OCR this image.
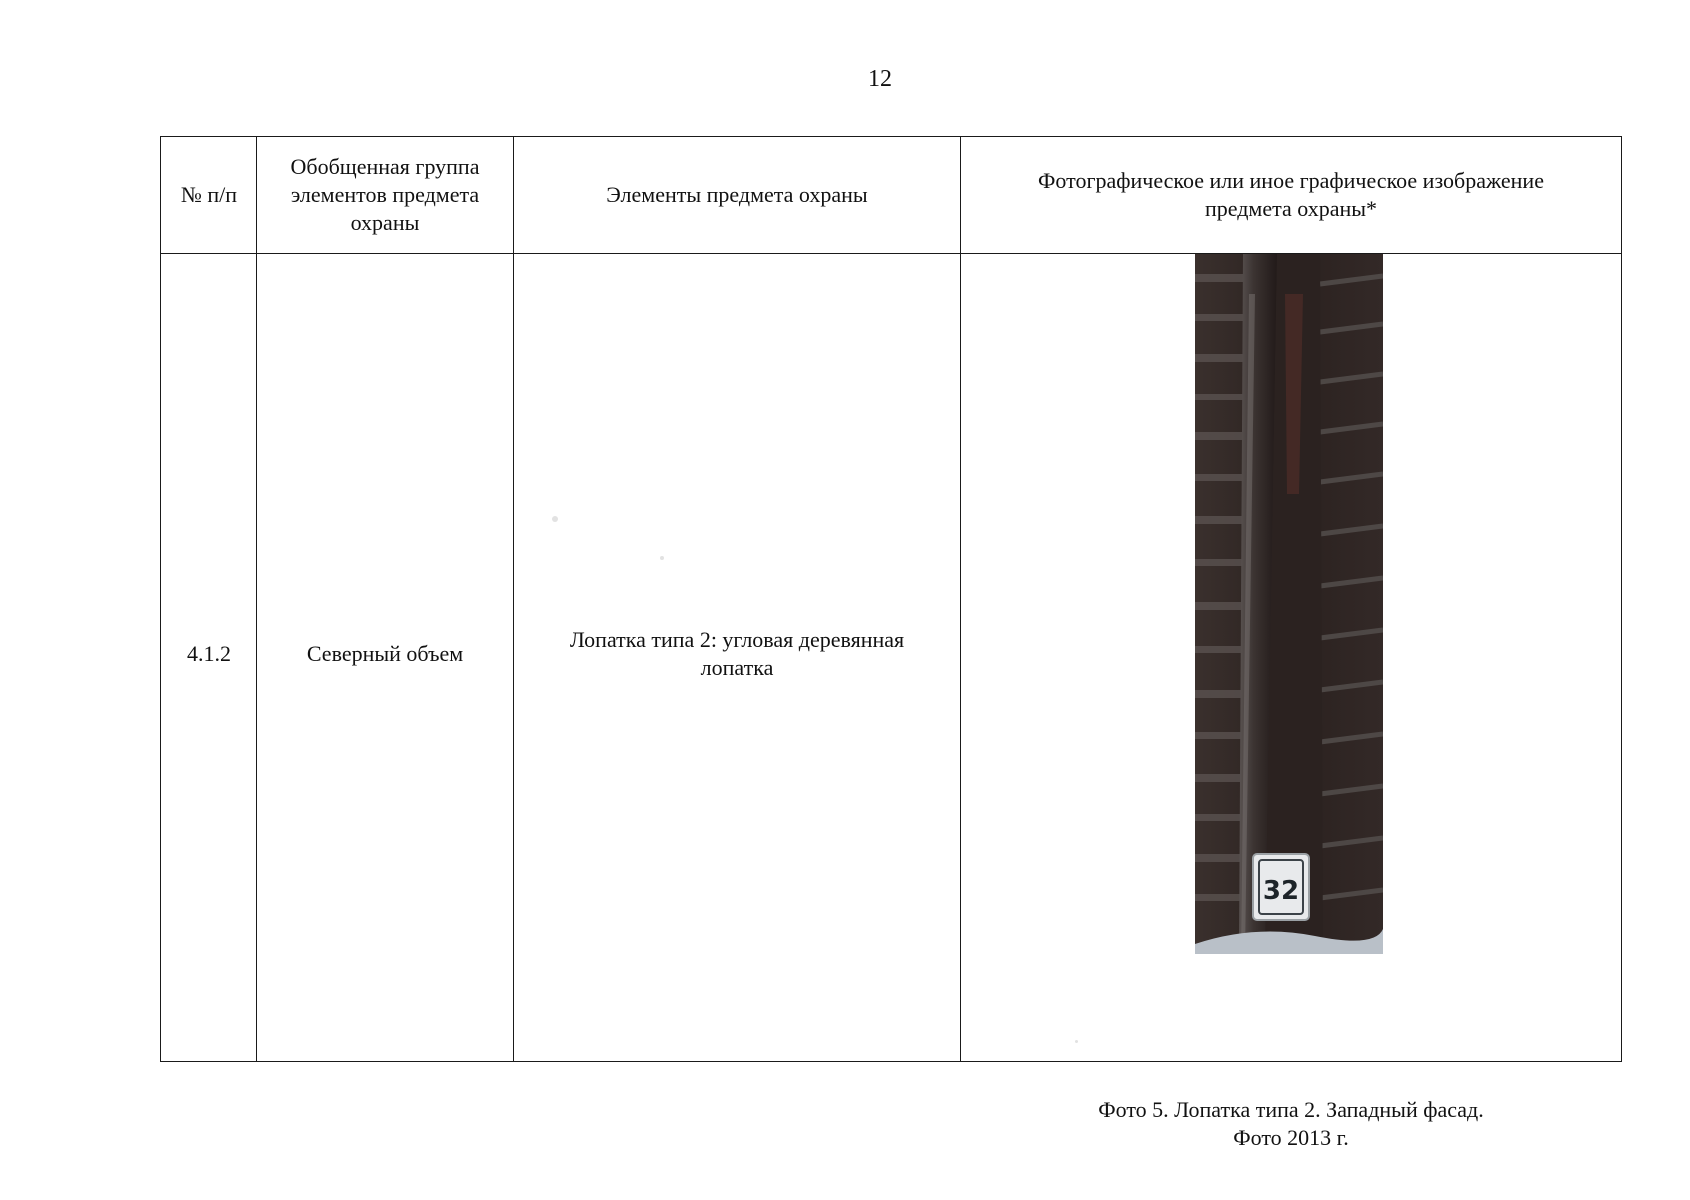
12
№ п/п
Обобщенная группа элементов предмета охраны
Элементы предмета охраны
Фотографическое или иное графическое изображение предмета охраны*
4.1.2	Северный объем
Лопатка типа 2: угловая деревянная лопатка
32
Фото 5. Лопатка типа 2. Западный фасад.
Фото 2013 г.
